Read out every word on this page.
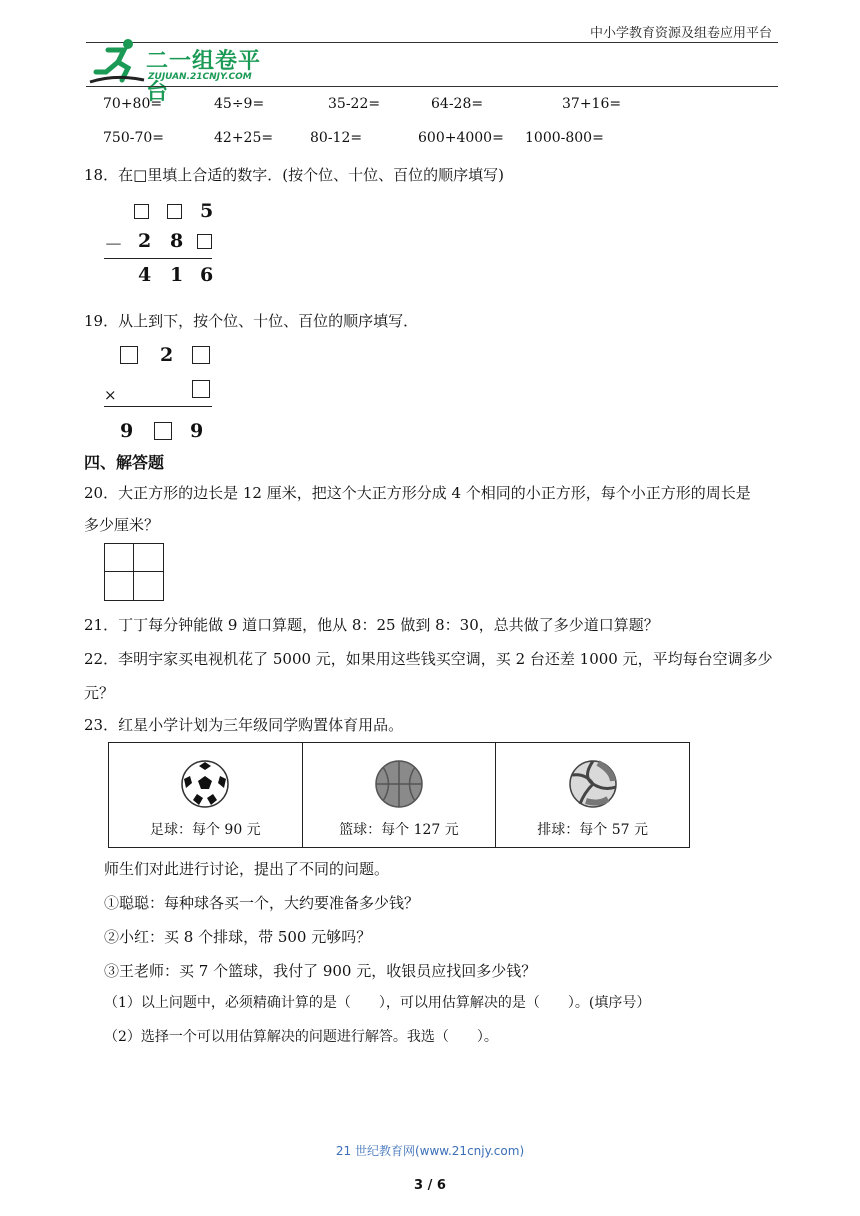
中小学教育资源及组卷应用平台
二一组卷平台
ZUJUAN.21CNJY.COM
70+80=	45÷9=	35-22=	64-28=	37+16=
750-70=	42+25=	80-12=	600+4000= 1000-800=
18．在□里填上合适的数字．(按个位、十位、百位的顺序填写)
5
－ 2 8
4 1 6
19．从上到下，按个位、十位、百位的顺序填写．
2
×
9	9
四、解答题
20．大正方形的边长是 12 厘米，把这个大正方形分成 4 个相同的小正方形，每个小正方形的周长是
多少厘米？
21．丁丁每分钟能做 9 道口算题，他从 8：25 做到 8：30，总共做了多少道口算题？
22．李明宇家买电视机花了 5000 元，如果用这些钱买空调，买 2 台还差 1000 元，平均每台空调多少
元？
23．红星小学计划为三年级同学购置体育用品。
足球：每个 90 元	篮球：每个 127 元	排球：每个 57 元
师生们对此进行讨论，提出了不同的问题。
①聪聪：每种球各买一个，大约要准备多少钱？
②小红：买 8 个排球，带 500 元够吗？
③王老师：买 7 个篮球，我付了 900 元，收银员应找回多少钱？
（1）以上问题中，必须精确计算的是（　　），可以用估算解决的是（　　）。(填序号）
（2）选择一个可以用估算解决的问题进行解答。我选（　　）。
21 世纪教育网(www.21cnjy.com)
3 / 6
